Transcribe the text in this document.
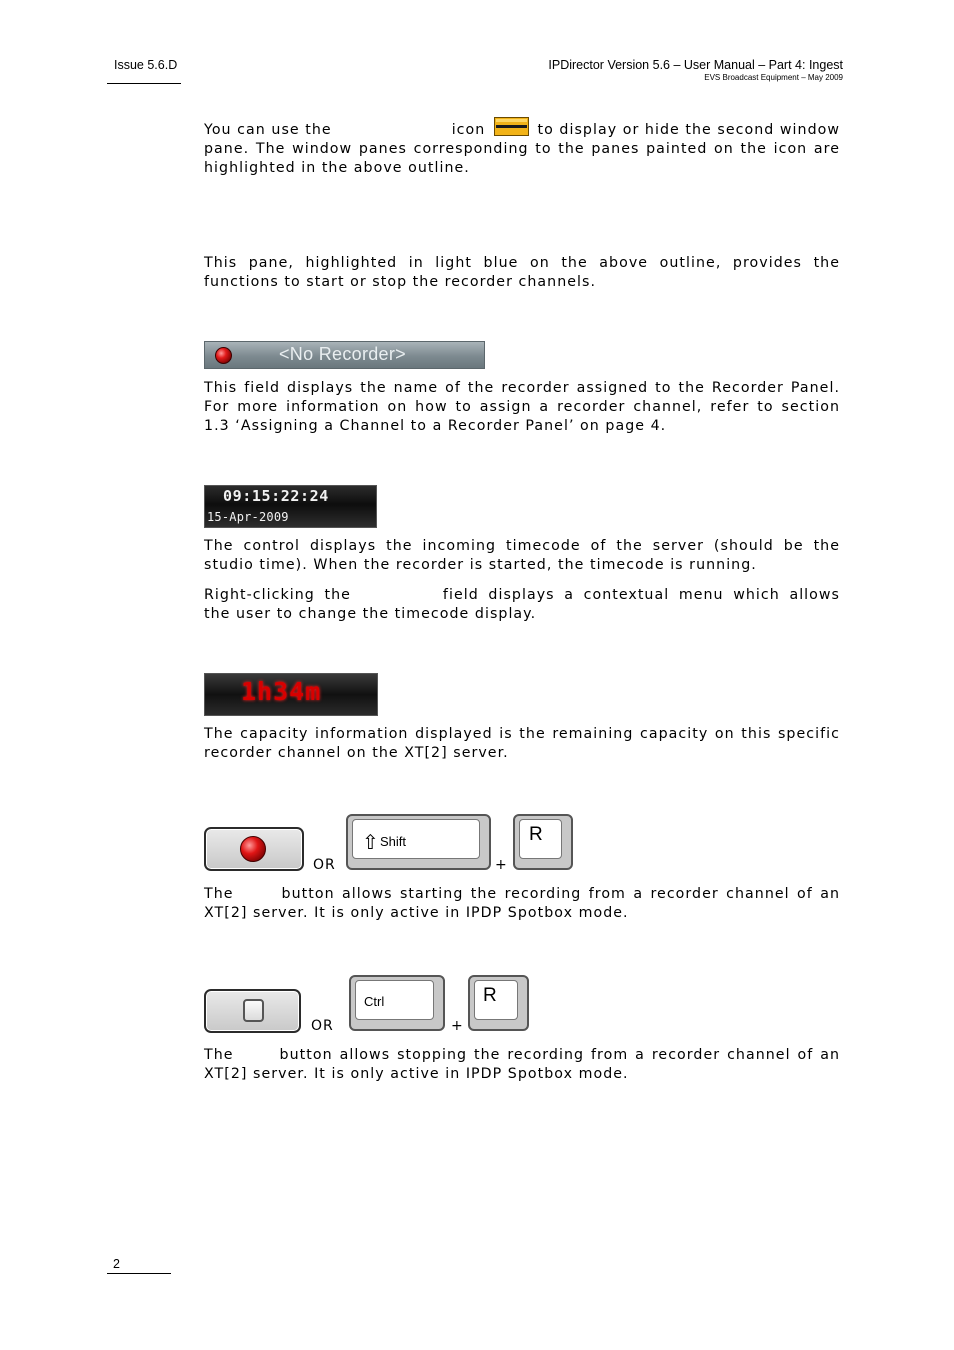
Issue 5.6.D	IPDirector Version 5.6 – User Manual – Part 4: Ingest
EVS Broadcast Equipment – May 2009
You can use the	icon	to display or hide the second window pane. The window panes corresponding to the panes painted on the icon are highlighted in the above outline.
This pane, highlighted in light blue on the above outline, provides the functions to start or stop the recorder channels.
<No Recorder>
This field displays the name of the recorder assigned to the Recorder Panel. For more information on how to assign a recorder channel, refer to section 1.3 ‘Assigning a Channel to a Recorder Panel’ on page 4.
09:15:22:24
15-Apr-2009
The control displays the incoming timecode of the server (should be the studio time). When the recorder is started, the timecode is running.
Right-clicking the	field displays a contextual menu which allows the user to change the timecode display.
1h34m
The capacity information displayed is the remaining capacity on this specific recorder channel on the XT[2] server.
OR
⇧ Shift
+
R
The	button allows starting the recording from a recorder channel of an XT[2] server. It is only active in IPDP Spotbox mode.
OR
Ctrl
+
R
The	button allows stopping the recording from a recorder channel of an XT[2] server. It is only active in IPDP Spotbox mode.
2
